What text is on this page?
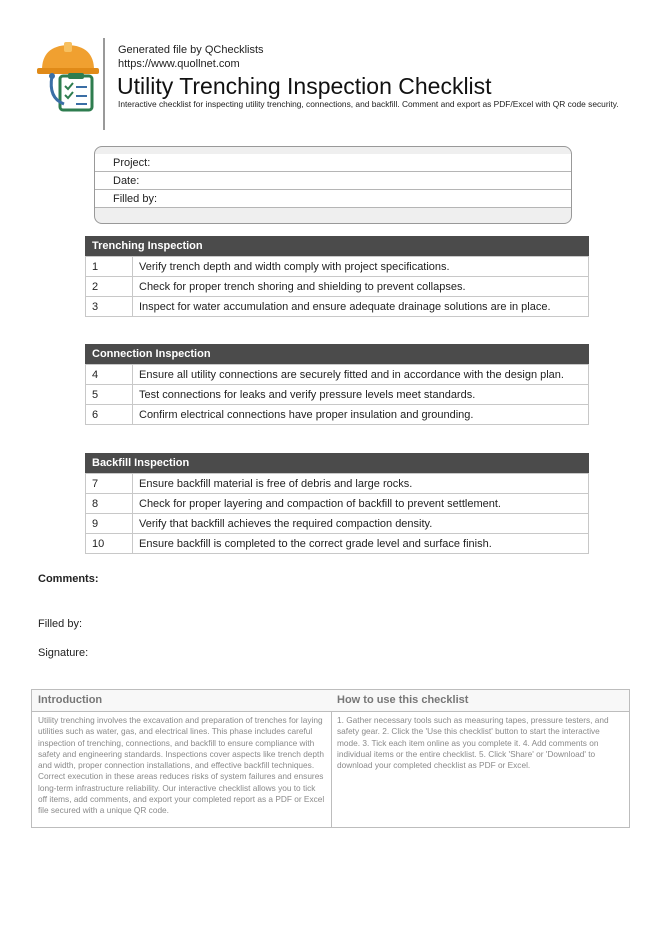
Generated file by QChecklists
https://www.quollnet.com
Utility Trenching Inspection Checklist
Interactive checklist for inspecting utility trenching, connections, and backfill. Comment and export as PDF/Excel with QR code security.
Project:
Date:
Filled by:
Trenching Inspection
1	Verify trench depth and width comply with project specifications.
2	Check for proper trench shoring and shielding to prevent collapses.
3	Inspect for water accumulation and ensure adequate drainage solutions are in place.
Connection Inspection
4	Ensure all utility connections are securely fitted and in accordance with the design plan.
5	Test connections for leaks and verify pressure levels meet standards.
6	Confirm electrical connections have proper insulation and grounding.
Backfill Inspection
7	Ensure backfill material is free of debris and large rocks.
8	Check for proper layering and compaction of backfill to prevent settlement.
9	Verify that backfill achieves the required compaction density.
10	Ensure backfill is completed to the correct grade level and surface finish.
Comments:
Filled by:
Signature:
Introduction
Utility trenching involves the excavation and preparation of trenches for laying utilities such as water, gas, and electrical lines. This phase includes careful inspection of trenching, connections, and backfill to ensure compliance with safety and engineering standards. Inspections cover aspects like trench depth and width, proper connection installations, and effective backfill techniques. Correct execution in these areas reduces risks of system failures and ensures long-term infrastructure reliability. Our interactive checklist allows you to tick off items, add comments, and export your completed report as a PDF or Excel file secured with a unique QR code.
How to use this checklist
1. Gather necessary tools such as measuring tapes, pressure testers, and safety gear. 2. Click the 'Use this checklist' button to start the interactive mode. 3. Tick each item online as you complete it. 4. Add comments on individual items or the entire checklist. 5. Click 'Share' or 'Download' to download your completed checklist as PDF or Excel.
